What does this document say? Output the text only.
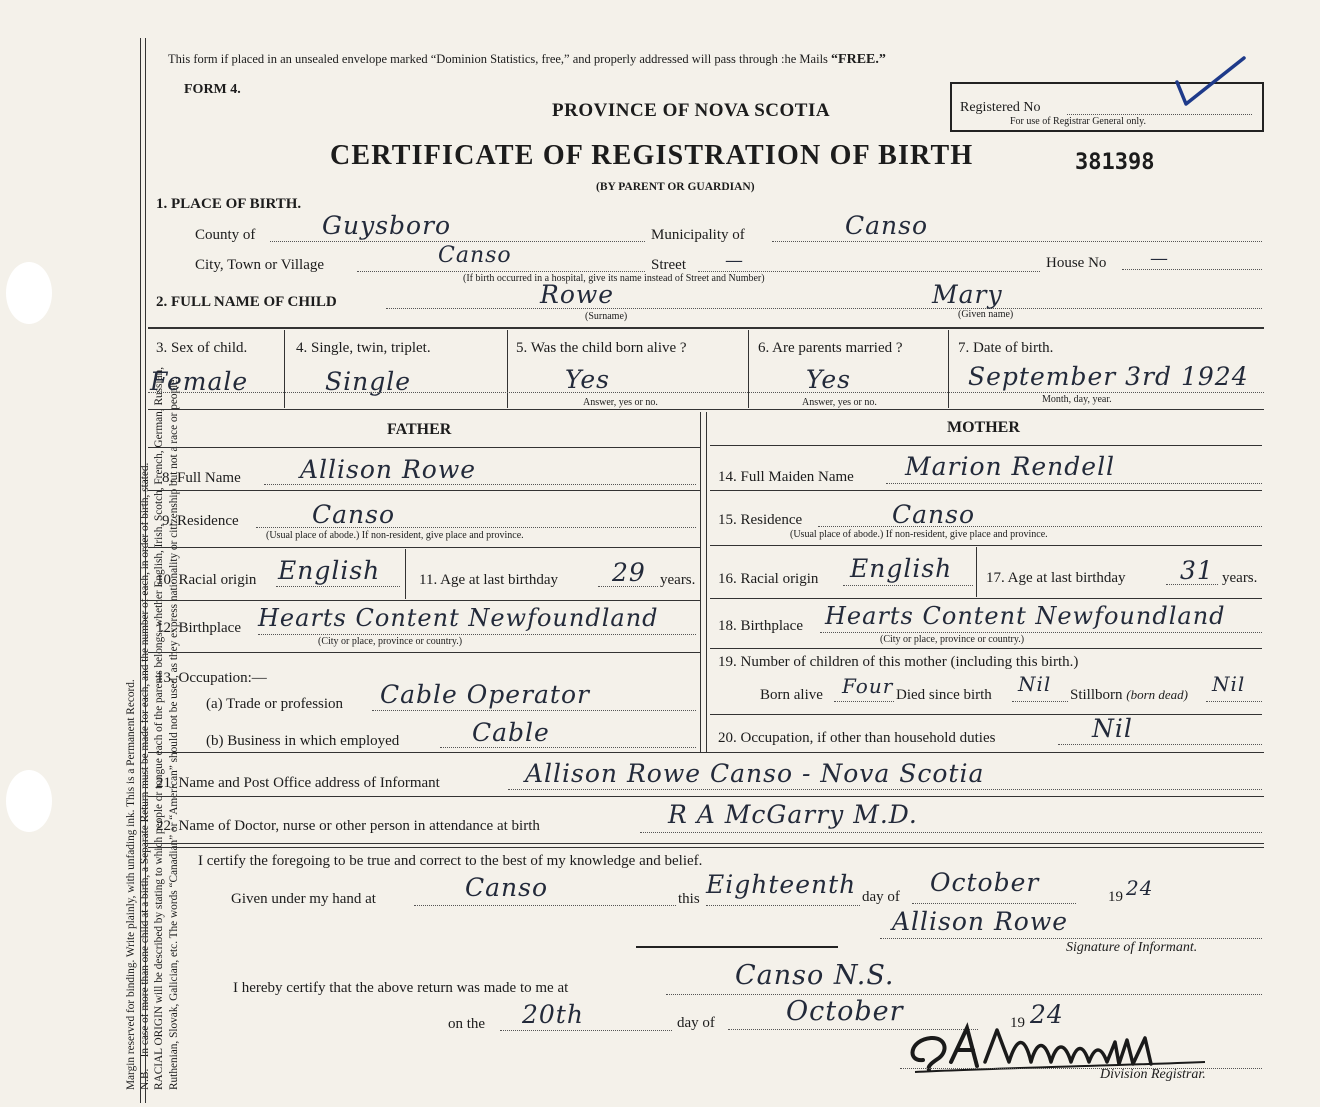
Margin reserved for binding. Write plainly, with unfading ink. This is a Permanent Record. N.B.—In case of more than one child at a birth, a Separate Return must be made for each, and the number of each, in order of birth, stated. RACIAL ORIGIN will be described by stating to which people or tongue each of the parents belongs, whether English, Irish, Scotch, French, German, Russian, Ruthenian, Slovak, Galician, etc. The words “Canadian” or “American” should not be used, as they express nationality or citizenship but not a race or people.
This form if placed in an unsealed envelope marked “Dominion Statistics, free,” and properly addressed will pass through :he Mails “FREE.”
FORM 4.
PROVINCE OF NOVA SCOTIA	Registered No
For use of Registrar General only.
CERTIFICATE OF REGISTRATION OF BIRTH	381398
(BY PARENT OR GUARDIAN)
1. PLACE OF BIRTH.
County of	Guysboro	Municipality of	Canso
City, Town or Village	Canso	Street —	House No —
(If birth occurred in a hospital, give its name instead of Street and Number)
2. FULL NAME OF CHILD	Rowe
(Surname)
Mary
(Given name)
3. Sex of child.
Female
4. Single, twin, triplet.
Single
5. Was the child born alive ?
Yes
Answer, yes or no.
6. Are parents married ?
Yes
Answer, yes or no.
7. Date of birth.
September 3rd 1924
Month, day, year.
FATHER	MOTHER
8. Full Name Allison Rowe
9. Residence	Canso
(Usual place of abode.) If non-resident, give place and province.
10. Racial origin English	11. Age at last birthday 29 years.
12. Birthplace Hearts Content Newfoundland
(City or place, province or country.)
13. Occupation:—
(a) Trade or profession Cable Operator
(b) Business in which employed	Cable
14. Full Maiden Name Marion Rendell
15. Residence	Canso
(Usual place of abode.) If non-resident, give place and province.
16. Racial origin English 17. Age at last birthday 31 years.
18. Birthplace Hearts Content Newfoundland
(City or place, province or country.)
19. Number of children of this mother (including this birth.)
Born alive Four Died since birth Nil Stillborn (born dead) Nil
20. Occupation, if other than household duties	Nil
21. Name and Post Office address of Informant	Allison Rowe Canso - Nova Scotia
22. Name of Doctor, nurse or other person in attendance at birth	R A McGarry M.D.
I certify the foregoing to be true and correct to the best of my knowledge and belief.
Given under my hand at	Canso	this Eighteenth day of October	19 24
Allison Rowe
Signature of Informant.
I hereby certify that the above return was made to me at	Canso N.S.
on the 20th	day of	October	19 24
Division Registrar.
